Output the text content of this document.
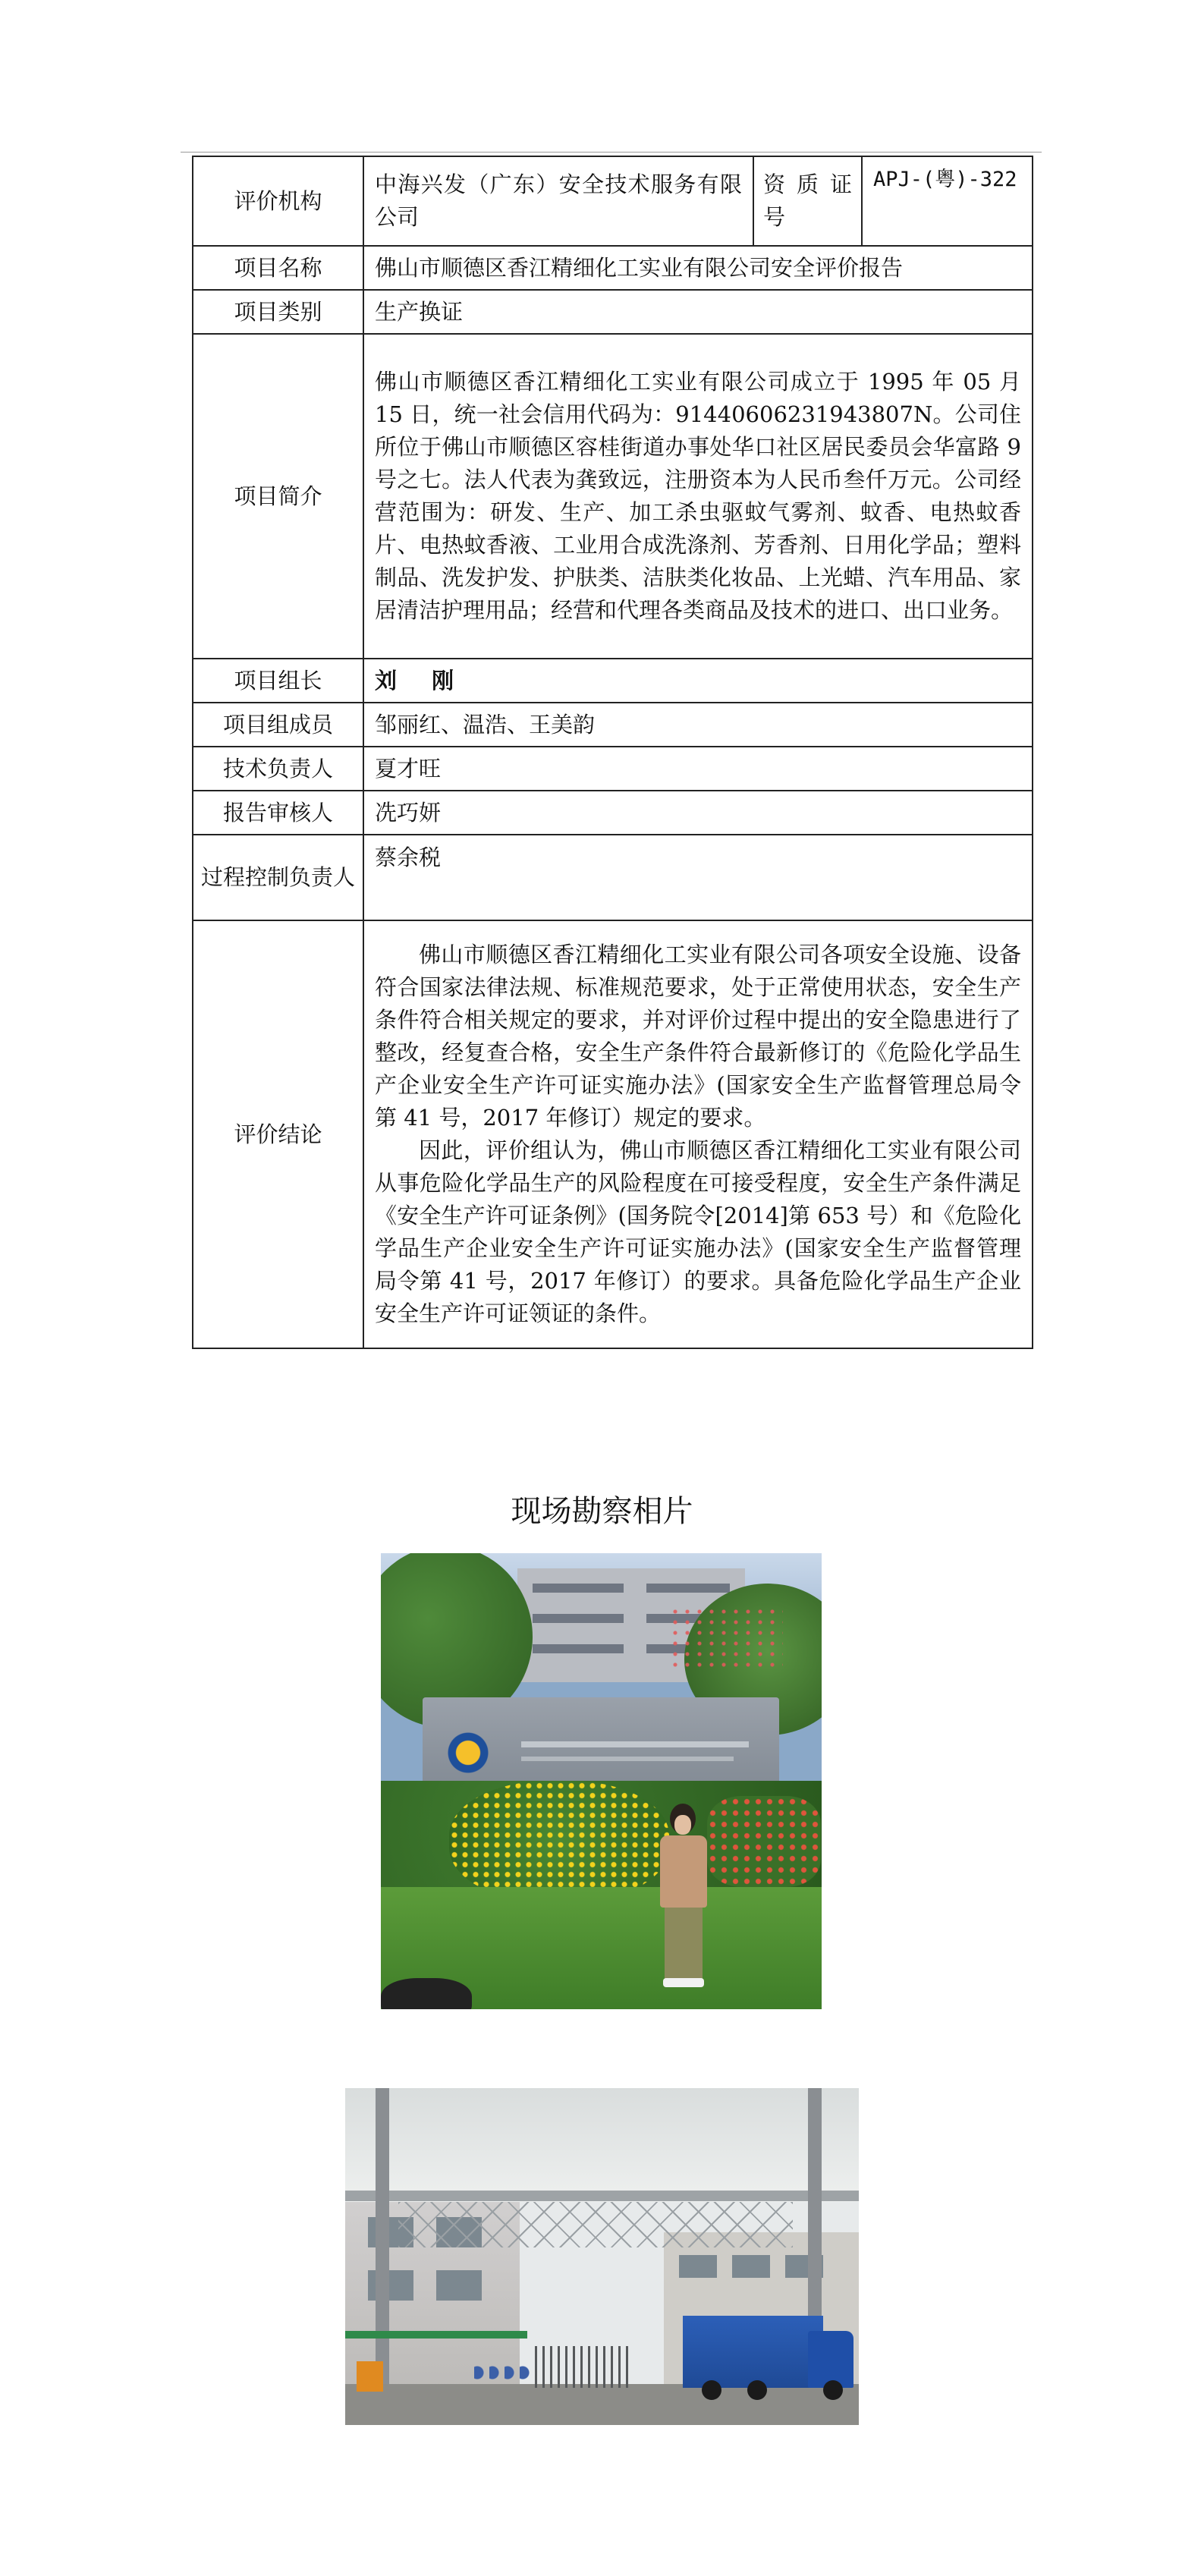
评价机构	中海兴发（广东）安全技术服务有限公司	资 质 证 号	APJ-(粤)-322
项目名称	佛山市顺德区香江精细化工实业有限公司安全评价报告		
项目类别	生产换证		
项目简介	佛山市顺德区香江精细化工实业有限公司成立于 1995 年 05 月 15 日，统一社会信用代码为：91440606231943807N。公司住所位于佛山市顺德区容桂街道办事处华口社区居民委员会华富路 9 号之七。法人代表为龚致远，注册资本为人民币叁仟万元。公司经营范围为：研发、生产、加工杀虫驱蚊气雾剂、蚊香、电热蚊香片、电热蚊香液、工业用合成洗涤剂、芳香剂、日用化学品；塑料制品、洗发护发、护肤类、洁肤类化妆品、上光蜡、汽车用品、家居清洁护理用品；经营和代理各类商品及技术的进口、出口业务。		
项目组长	刘 刚		
项目组成员	邹丽红、温浩、王美韵		
技术负责人	夏才旺		
报告审核人	冼巧妍		
过程控制负责人	蔡余税		
评价结论	佛山市顺德区香江精细化工实业有限公司各项安全设施、设备符合国家法律法规、标准规范要求，处于正常使用状态，安全生产条件符合相关规定的要求，并对评价过程中提出的安全隐患进行了整改，经复查合格，安全生产条件符合最新修订的《危险化学品生产企业安全生产许可证实施办法》(国家安全生产监督管理总局令第 41 号，2017 年修订）规定的要求。

因此，评价组认为，佛山市顺德区香江精细化工实业有限公司从事危险化学品生产的风险程度在可接受程度，安全生产条件满足《安全生产许可证条例》(国务院令[2014]第 653 号）和《危险化学品生产企业安全生产许可证实施办法》(国家安全生产监督管理局令第 41 号，2017 年修订）的要求。具备危险化学品生产企业安全生产许可证领证的条件。		

现场勘察相片
